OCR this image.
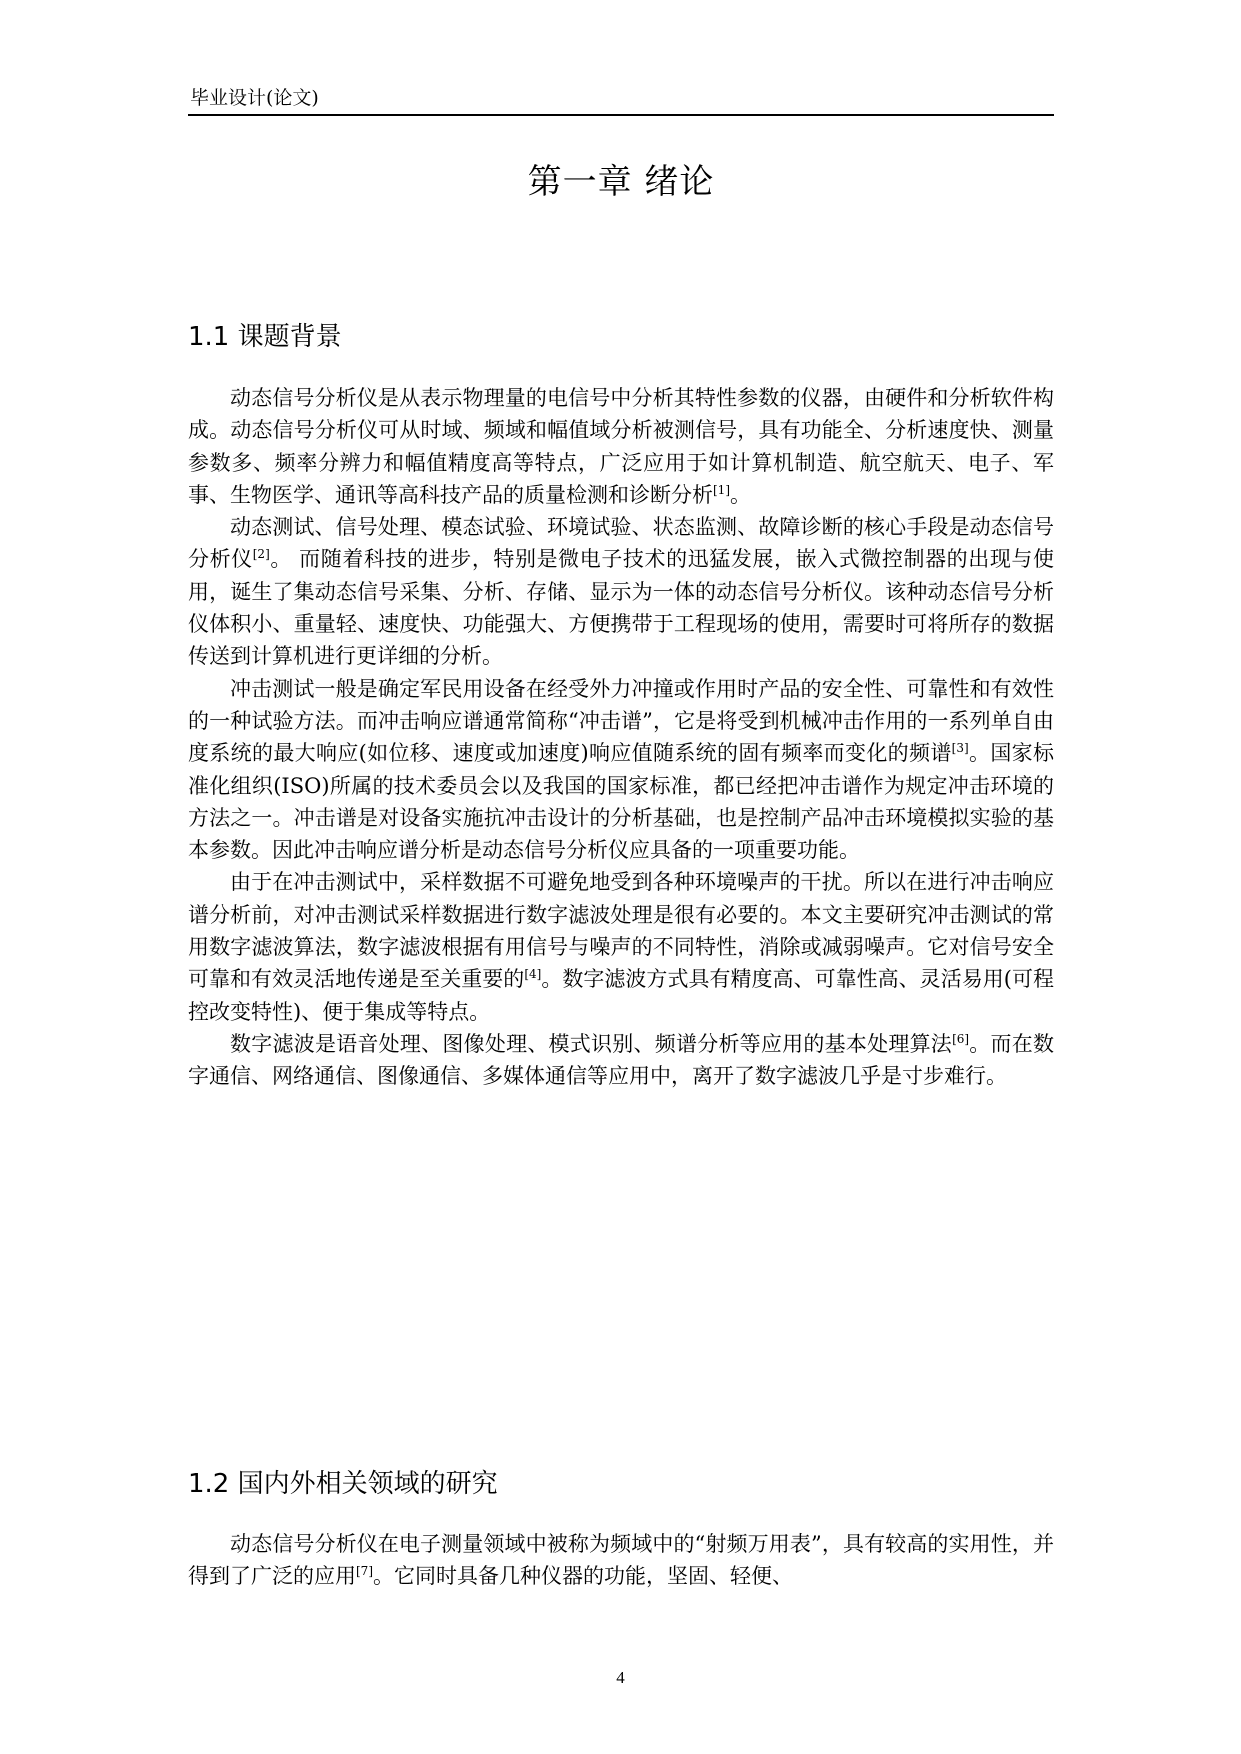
毕业设计(论文)
第一章 绪论
1.1 课题背景

动态信号分析仪是从表示物理量的电信号中分析其特性参数的仪器，由硬件和分析软件构成。动态信号分析仪可从时域、频域和幅值域分析被测信号，具有功能全、分析速度快、测量参数多、频率分辨力和幅值精度高等特点，广泛应用于如计算机制造、航空航天、电子、军事、生物医学、通讯等高科技产品的质量检测和诊断分析[1]。

动态测试、信号处理、模态试验、环境试验、状态监测、故障诊断的核心手段是动态信号分析仪[2]。 而随着科技的进步，特别是微电子技术的迅猛发展，嵌入式微控制器的出现与使用，诞生了集动态信号采集、分析、存储、显示为一体的动态信号分析仪。该种动态信号分析仪体积小、重量轻、速度快、功能强大、方便携带于工程现场的使用，需要时可将所存的数据传送到计算机进行更详细的分析。

冲击测试一般是确定军民用设备在经受外力冲撞或作用时产品的安全性、可靠性和有效性的一种试验方法。而冲击响应谱通常简称“冲击谱”，它是将受到机械冲击作用的一系列单自由度系统的最大响应(如位移、速度或加速度)响应值随系统的固有频率而变化的频谱[3]。国家标准化组织(ISO)所属的技术委员会以及我国的国家标准，都已经把冲击谱作为规定冲击环境的方法之一。冲击谱是对设备实施抗冲击设计的分析基础，也是控制产品冲击环境模拟实验的基本参数。因此冲击响应谱分析是动态信号分析仪应具备的一项重要功能。

由于在冲击测试中，采样数据不可避免地受到各种环境噪声的干扰。所以在进行冲击响应谱分析前，对冲击测试采样数据进行数字滤波处理是很有必要的。本文主要研究冲击测试的常用数字滤波算法，数字滤波根据有用信号与噪声的不同特性，消除或减弱噪声。它对信号安全可靠和有效灵活地传递是至关重要的[4]。数字滤波方式具有精度高、可靠性高、灵活易用(可程控改变特性)、便于集成等特点。

数字滤波是语音处理、图像处理、模式识别、频谱分析等应用的基本处理算法[6]。而在数字通信、网络通信、图像通信、多媒体通信等应用中，离开了数字滤波几乎是寸步难行。

1.2 国内外相关领域的研究

动态信号分析仪在电子测量领域中被称为频域中的“射频万用表”，具有较高的实用性，并得到了广泛的应用[7]。它同时具备几种仪器的功能，坚固、轻便、

4
